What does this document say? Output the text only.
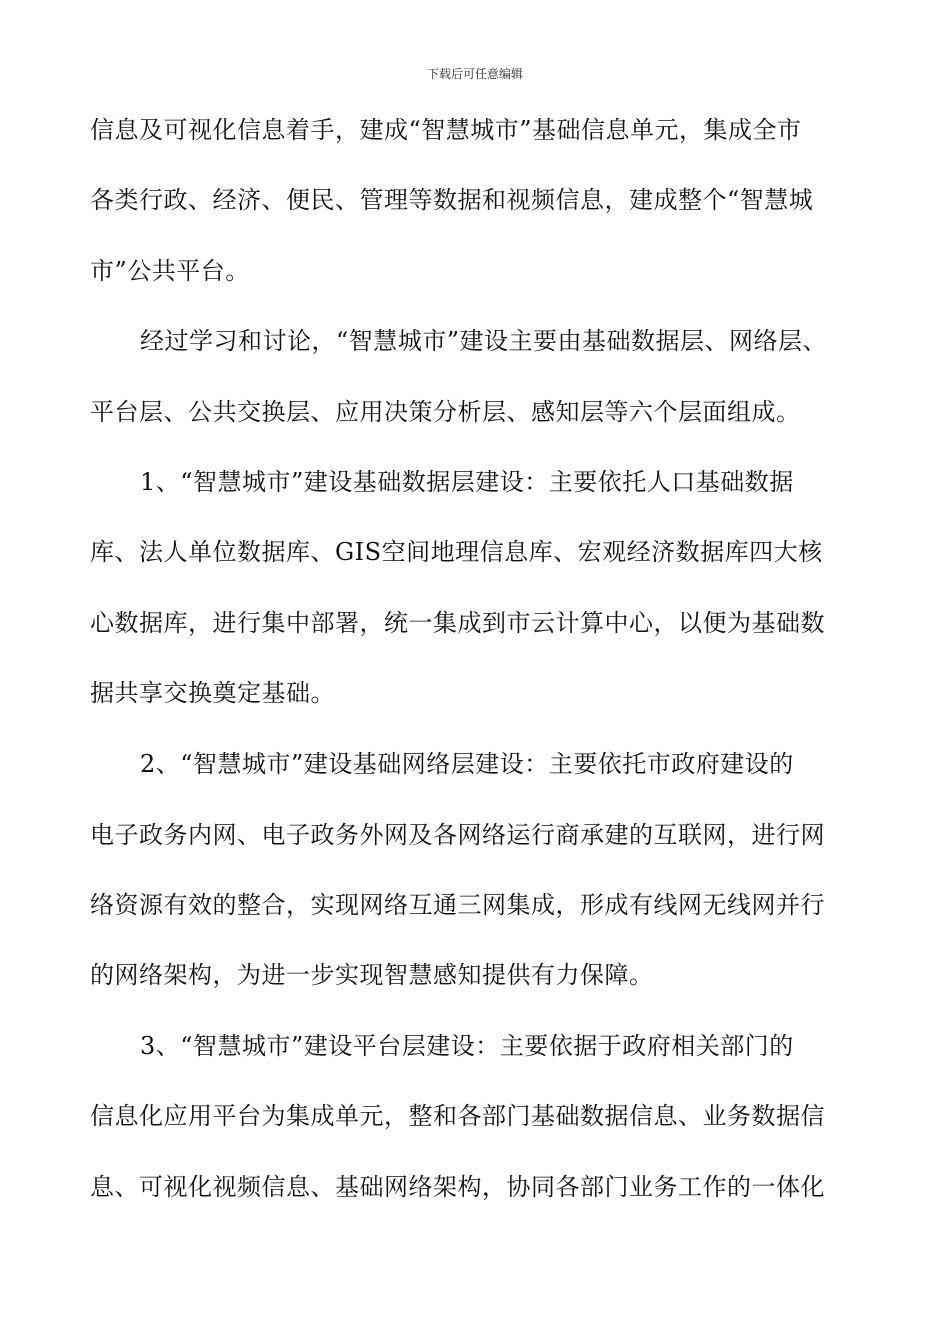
下载后可任意编辑
信息及可视化信息着手，建成“智慧城市”基础信息单元，集成全市
各类行政、经济、便民、管理等数据和视频信息，建成整个“智慧城
市”公共平台。
经过学习和讨论，“智慧城市”建设主要由基础数据层、网络层、
平台层、公共交换层、应用决策分析层、感知层等六个层面组成。
1、“智慧城市”建设基础数据层建设：主要依托人口基础数据
库、法人单位数据库、GIS空间地理信息库、宏观经济数据库四大核
心数据库，进行集中部署，统一集成到市云计算中心，以便为基础数
据共享交换奠定基础。
2、“智慧城市”建设基础网络层建设：主要依托市政府建设的
电子政务内网、电子政务外网及各网络运行商承建的互联网，进行网
络资源有效的整合，实现网络互通三网集成，形成有线网无线网并行
的网络架构，为进一步实现智慧感知提供有力保障。
3、“智慧城市”建设平台层建设：主要依据于政府相关部门的
信息化应用平台为集成单元，整和各部门基础数据信息、业务数据信
息、可视化视频信息、基础网络架构，协同各部门业务工作的一体化
